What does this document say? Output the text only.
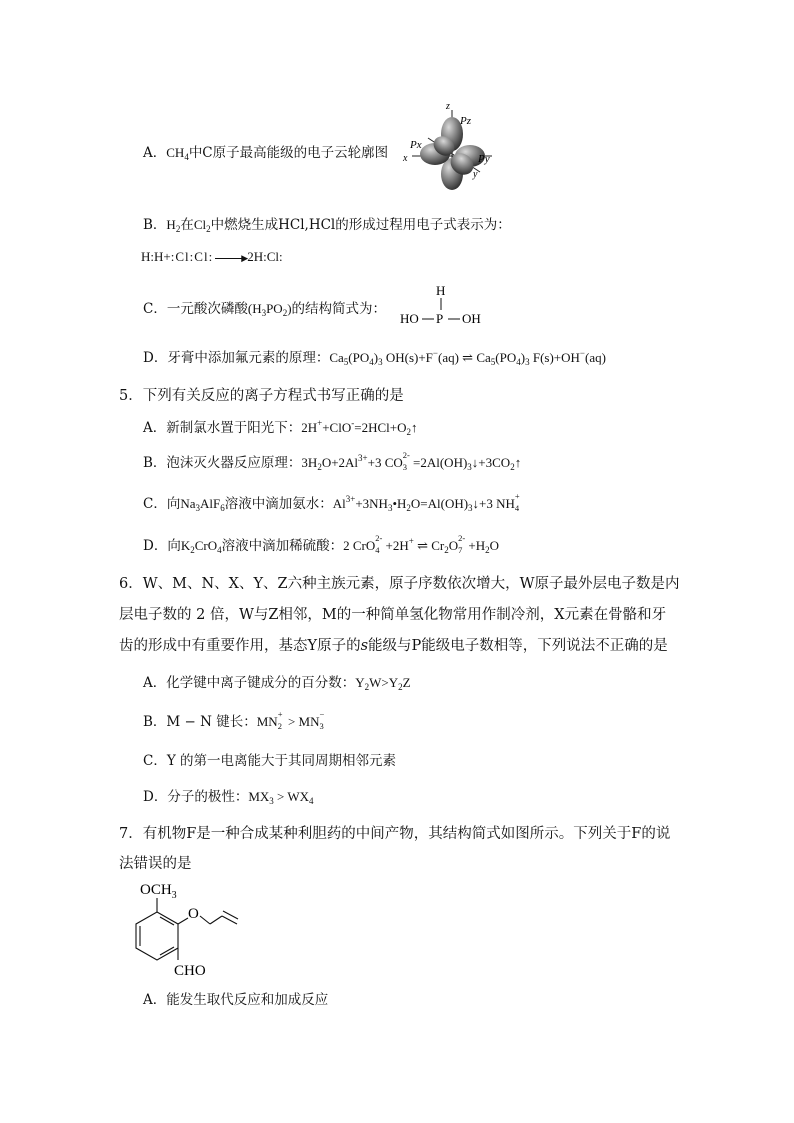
A．$CH_4$中C原子最高能级的电子云轮廓图
z
Pz
Px
x	Py
y
B．$H_2$在$Cl_2$中燃烧生成HCl,HCl的形成过程用电子式表示为：
H:H+:Cl:Cl:	▶ 2H:Cl:
C．一元酸次磷酸$(H_3PO_2)$的结构简式为：
H
HO P OH
D．牙膏中添加氟元素的原理：$Ca_5(PO_4)_3$ OH(s)+F−(aq) ⇌ $Ca_5(PO_4)_3$ F(s)+OH−(aq)
5．下列有关反应的离子方程式书写正确的是
A．新制氯水置于阳光下：$2H^++ClO^-=2HCl+O_2↑$
B．泡沫灭火器反应原理：$3H_2O+2Al^{3+}+3$ CO 2-
$3 =2Al(OH)_3↓+3CO_2↑$
C．向$Na_3AlF_6$溶液中滴加氨水：$Al^{3+}+3NH_3•H_2O=Al(OH)_3↓+3$ NH +
4
D．向$K_2CrO_4$溶液中滴加稀硫酸：2 CrO 2-
4 +2H+ ⇌ $Cr_2O$ 2-
$7 +H_2O$
6．W、M、N、X、Y、Z六种主族元素，原子序数依次增大，W原子最外层电子数是内
层电子数的 2 倍，W与Z相邻，M的一种简单氢化物常用作制冷剂，X元素在骨骼和牙
齿的形成中有重要作用，基态Y原子的s能级与P能级电子数相等，下列说法不正确的是
A．化学键中离子键成分的百分数：$Y_2W>Y_2Z$
B．M − N 键长：MN +
2 > MN −
3
C．Y 的第一电离能大于其同周期相邻元素
D．分子的极性：$MX_3 > WX_4$
7．有机物F是一种合成某种利胆药的中间产物，其结构简式如图所示。下列关于F的说
法错误的是
$OCH_3$
O
CHO
A．能发生取代反应和加成反应
